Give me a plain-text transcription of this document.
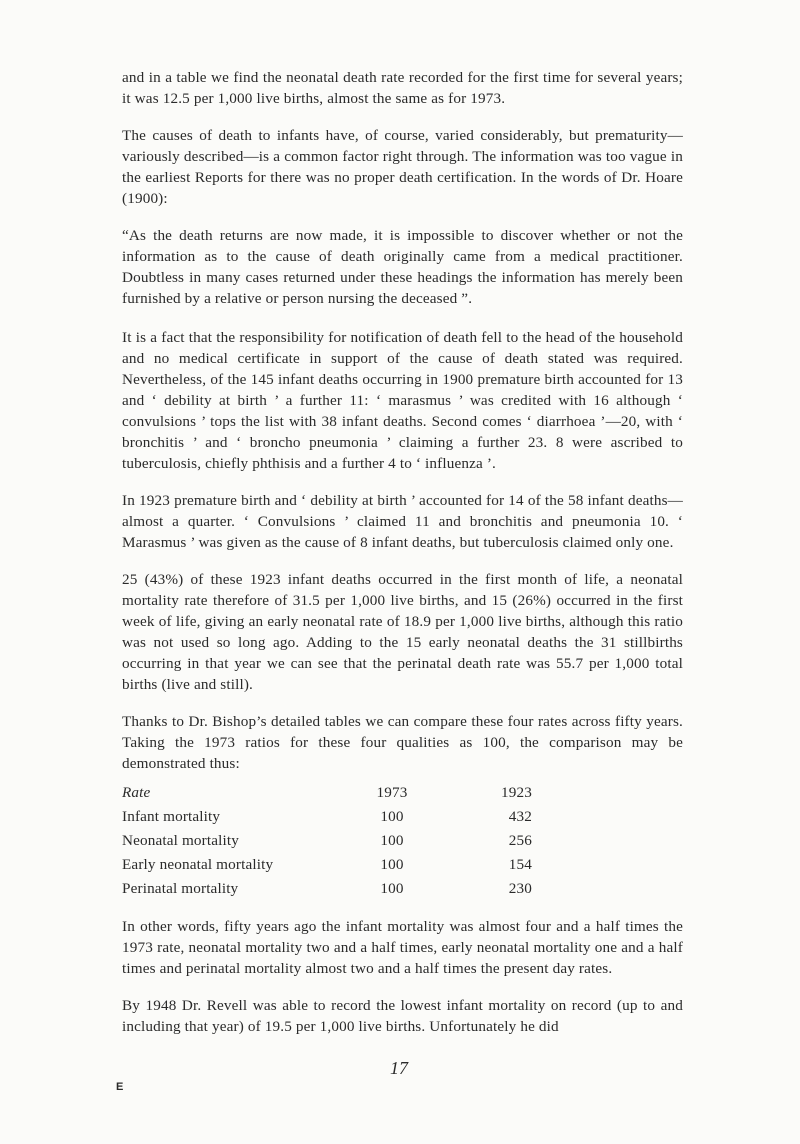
and in a table we find the neonatal death rate recorded for the first time for several years; it was 12.5 per 1,000 live births, almost the same as for 1973.

The causes of death to infants have, of course, varied considerably, but prematurity—variously described—is a common factor right through. The information was too vague in the earliest Reports for there was no proper death certification. In the words of Dr. Hoare (1900):

“As the death returns are now made, it is impossible to discover whether or not the information as to the cause of death originally came from a medical practitioner. Doubtless in many cases returned under these headings the information has merely been furnished by a relative or person nursing the deceased ”.

It is a fact that the responsibility for notification of death fell to the head of the household and no medical certificate in support of the cause of death stated was required. Nevertheless, of the 145 infant deaths occurring in 1900 premature birth accounted for 13 and ‘ debility at birth ’ a further 11: ‘ marasmus ’ was credited with 16 although ‘ convulsions ’ tops the list with 38 infant deaths. Second comes ‘ diarrhoea ’—20, with ‘ bronchitis ’ and ‘ broncho pneumonia ’ claiming a further 23. 8 were ascribed to tuberculosis, chiefly phthisis and a further 4 to ‘ influenza ’.

In 1923 premature birth and ‘ debility at birth ’ accounted for 14 of the 58 infant deaths—almost a quarter. ‘ Convulsions ’ claimed 11 and bronchitis and pneumonia 10. ‘ Marasmus ’ was given as the cause of 8 infant deaths, but tuberculosis claimed only one.

25 (43%) of these 1923 infant deaths occurred in the first month of life, a neonatal mortality rate therefore of 31.5 per 1,000 live births, and 15 (26%) occurred in the first week of life, giving an early neonatal rate of 18.9 per 1,000 live births, although this ratio was not used so long ago. Adding to the 15 early neonatal deaths the 31 stillbirths occurring in that year we can see that the perinatal death rate was 55.7 per 1,000 total births (live and still).

Thanks to Dr. Bishop’s detailed tables we can compare these four rates across fifty years. Taking the 1973 ratios for these four qualities as 100, the comparison may be demonstrated thus:

Rate	1973	1923
Infant mortality	100	432
Neonatal mortality	100	256
Early neonatal mortality	100	154
Perinatal mortality	100	230

In other words, fifty years ago the infant mortality was almost four and a half times the 1973 rate, neonatal mortality two and a half times, early neonatal mortality one and a half times and perinatal mortality almost two and a half times the present day rates.

By 1948 Dr. Revell was able to record the lowest infant mortality on record (up to and including that year) of 19.5 per 1,000 live births. Unfortunately he did

17
E
